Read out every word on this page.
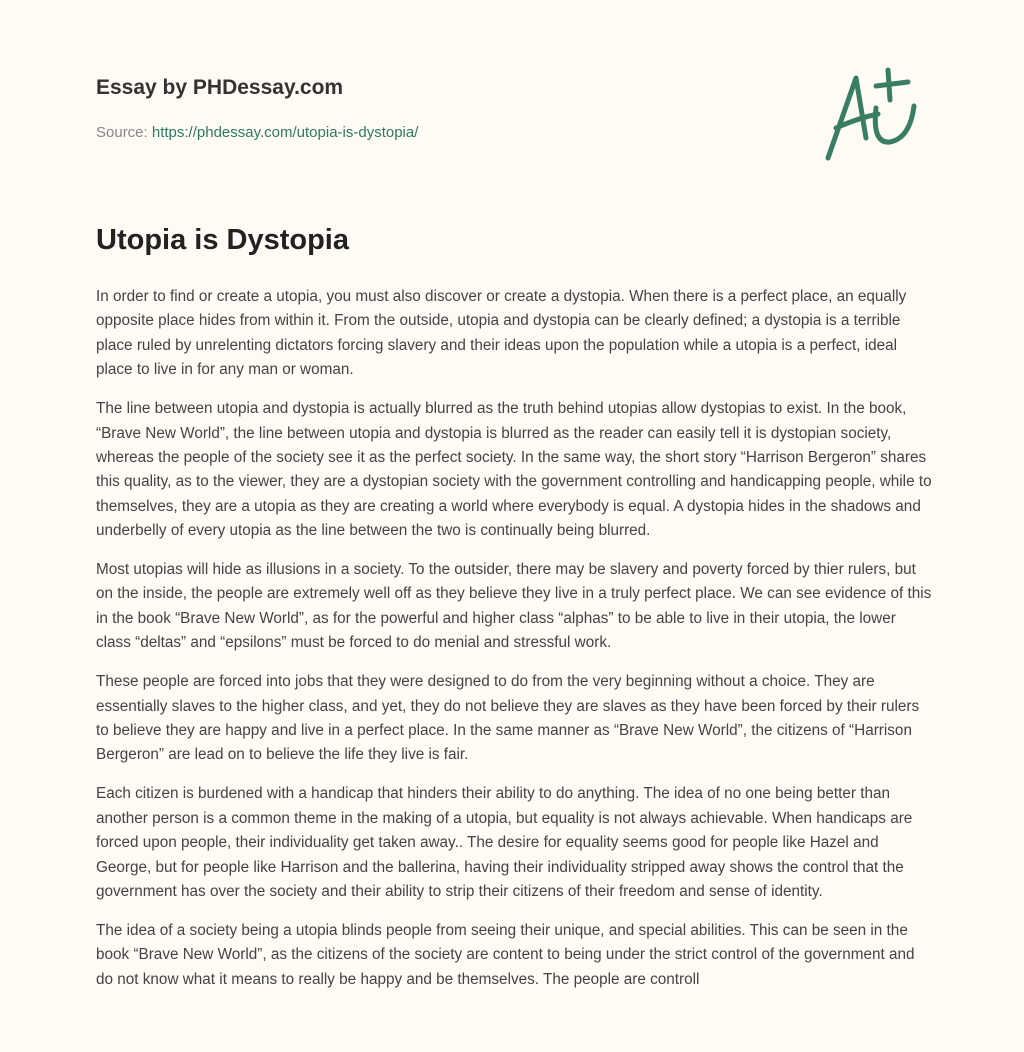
Essay by PHDessay.com
Source: https://phdessay.com/utopia-is-dystopia/
Utopia is Dystopia

In order to find or create a utopia, you must also discover or create a dystopia. When there is a perfect place, an equally opposite place hides from within it. From the outside, utopia and dystopia can be clearly defined; a dystopia is a terrible place ruled by unrelenting dictators forcing slavery and their ideas upon the population while a utopia is a perfect, ideal place to live in for any man or woman.

The line between utopia and dystopia is actually blurred as the truth behind utopias allow dystopias to exist. In the book, “Brave New World”, the line between utopia and dystopia is blurred as the reader can easily tell it is dystopian society, whereas the people of the society see it as the perfect society. In the same way, the short story “Harrison Bergeron” shares this quality, as to the viewer, they are a dystopian society with the government controlling and handicapping people, while to themselves, they are a utopia as they are creating a world where everybody is equal. A dystopia hides in the shadows and underbelly of every utopia as the line between the two is continually being blurred.

Most utopias will hide as illusions in a society. To the outsider, there may be slavery and poverty forced by thier rulers, but on the inside, the people are extremely well off as they believe they live in a truly perfect place. We can see evidence of this in the book “Brave New World”, as for the powerful and higher class “alphas” to be able to live in their utopia, the lower class “deltas” and “epsilons” must be forced to do menial and stressful work.

These people are forced into jobs that they were designed to do from the very beginning without a choice. They are essentially slaves to the higher class, and yet, they do not believe they are slaves as they have been forced by their rulers to believe they are happy and live in a perfect place. In the same manner as “Brave New World”, the citizens of “Harrison Bergeron” are lead on to believe the life they live is fair.

Each citizen is burdened with a handicap that hinders their ability to do anything. The idea of no one being better than another person is a common theme in the making of a utopia, but equality is not always achievable. When handicaps are forced upon people, their individuality get taken away.. The desire for equality seems good for people like Hazel and George, but for people like Harrison and the ballerina, having their individuality stripped away shows the control that the government has over the society and their ability to strip their citizens of their freedom and sense of identity.

The idea of a society being a utopia blinds people from seeing their unique, and special abilities. This can be seen in the book “Brave New World”, as the citizens of the society are content to being under the strict control of the government and do not know what it means to really be happy and be themselves. The people are controll
